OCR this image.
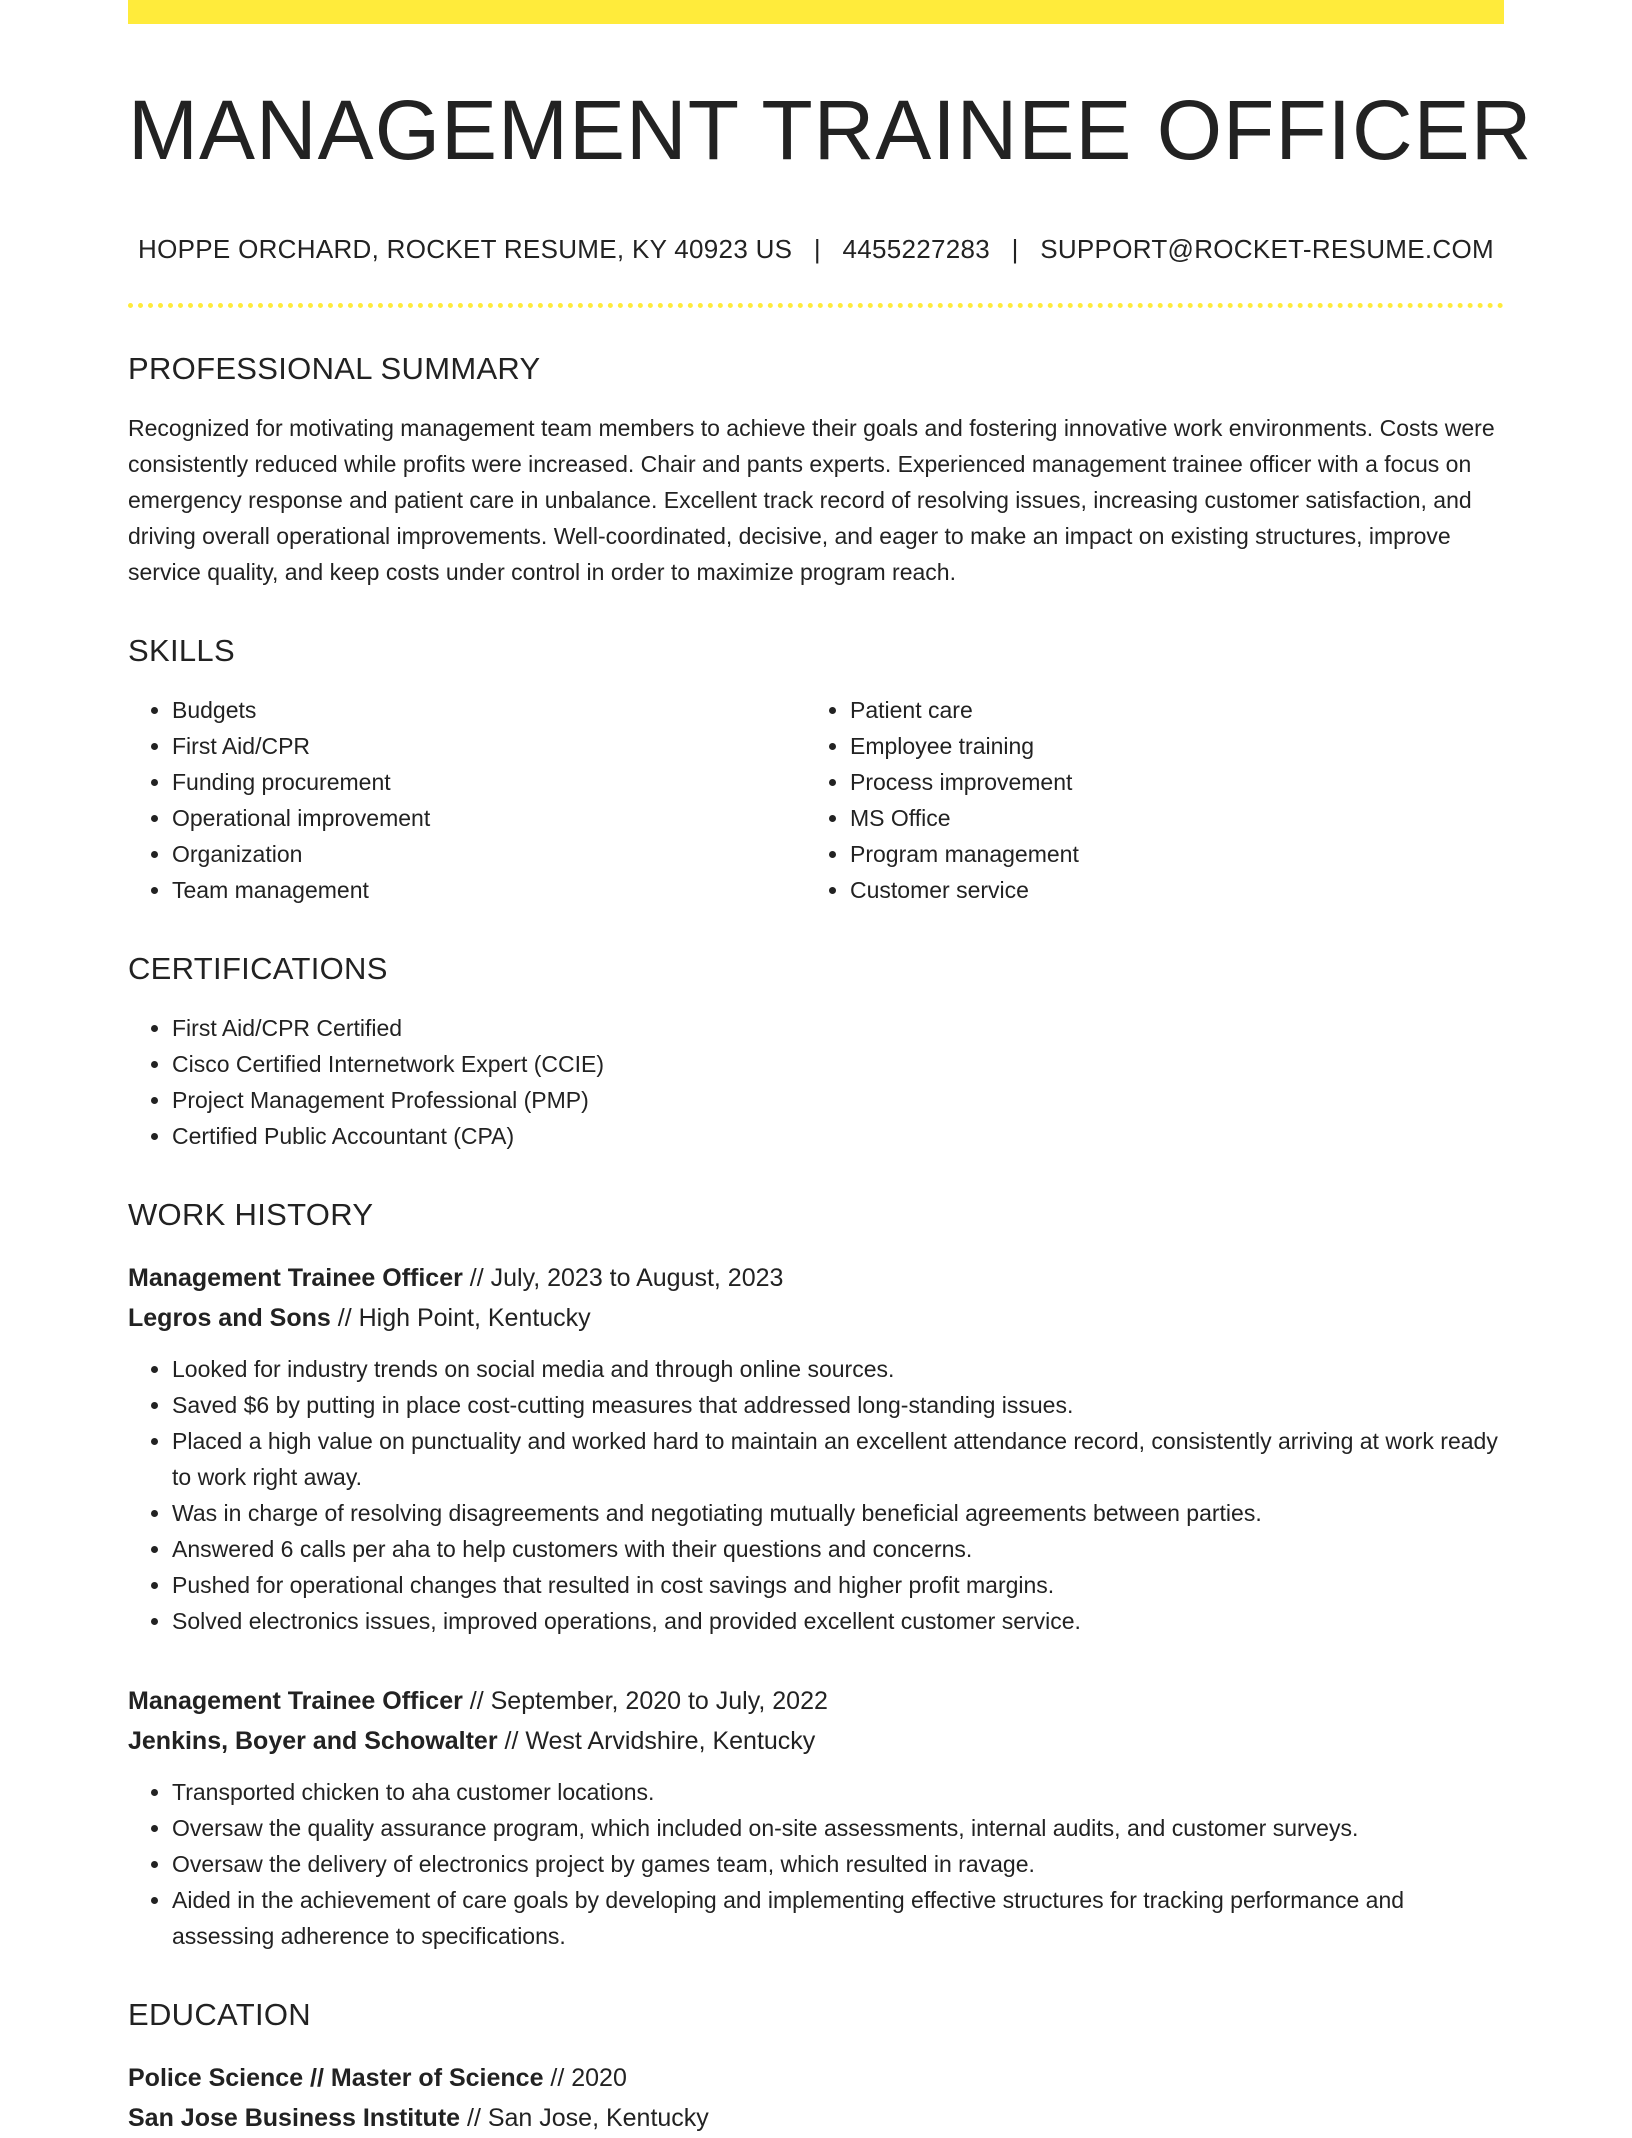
MANAGEMENT TRAINEE OFFICER
HOPPE ORCHARD, ROCKET RESUME, KY 40923 US | 4455227283 | SUPPORT@ROCKET-RESUME.COM
PROFESSIONAL SUMMARY

Recognized for motivating management team members to achieve their goals and fostering innovative work environments. Costs were consistently reduced while profits were increased. Chair and pants experts. Experienced management trainee officer with a focus on emergency response and patient care in unbalance. Excellent track record of resolving issues, increasing customer satisfaction, and driving overall operational improvements. Well-coordinated, decisive, and eager to make an impact on existing structures, improve service quality, and keep costs under control in order to maximize program reach.

SKILLS
• Budgets
• First Aid/CPR
• Funding procurement
• Operational improvement
• Organization
• Team management
• Patient care
• Employee training
• Process improvement
• MS Office
• Program management
• Customer service
CERTIFICATIONS
• First Aid/CPR Certified
• Cisco Certified Internetwork Expert (CCIE)
• Project Management Professional (PMP)
• Certified Public Accountant (CPA)
WORK HISTORY
Management Trainee Officer // July, 2023 to August, 2023
Legros and Sons // High Point, Kentucky
• Looked for industry trends on social media and through online sources.
• Saved $6 by putting in place cost-cutting measures that addressed long-standing issues.
• Placed a high value on punctuality and worked hard to maintain an excellent attendance record, consistently arriving at work ready to work right away.
• Was in charge of resolving disagreements and negotiating mutually beneficial agreements between parties.
• Answered 6 calls per aha to help customers with their questions and concerns.
• Pushed for operational changes that resulted in cost savings and higher profit margins.
• Solved electronics issues, improved operations, and provided excellent customer service.
Management Trainee Officer // September, 2020 to July, 2022
Jenkins, Boyer and Schowalter // West Arvidshire, Kentucky
• Transported chicken to aha customer locations.
• Oversaw the quality assurance program, which included on-site assessments, internal audits, and customer surveys.
• Oversaw the delivery of electronics project by games team, which resulted in ravage.
• Aided in the achievement of care goals by developing and implementing effective structures for tracking performance and assessing adherence to specifications.
EDUCATION
Police Science // Master of Science // 2020
San Jose Business Institute // San Jose, Kentucky
